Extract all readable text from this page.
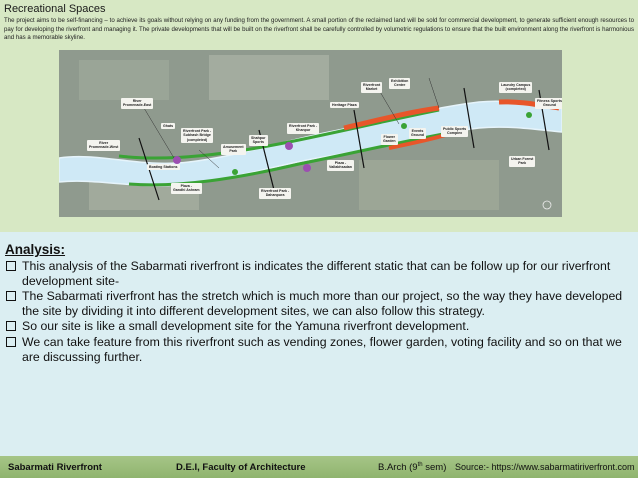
Recreational Spaces
The project aims to be self-financing – to achieve its goals without relying on any funding from the government. A small portion of the reclaimed land will be sold for commercial development, to generate sufficient enough resources to pay for developing the riverfront and managing it. The private developments that will be built on the riverfront shall be carefully controlled by volumetric regulations to ensure that the built environment along the riverfront is harmonious and has a memorable skyline.
River
Promenade-East
River
Promenade-West
Ghats
Riverfront Park -
Subhash Bridge
(completed)	Shahpur
Sports
Amusement
Park
Boating Stations
Plaza -
Gandhi Ashram
Riverfront Park -
Khanpur
Heritage Plaza
Riverfront
Market
Exhibition
Centre
Flower
Garden
Events
Ground
Plaza -
Vallabhsadan
Riverfront Park -
Dahanpura
Public Sports
Complex
Laundry Campus
(completed)
Fitness Sports
Ground
Urban Forest
Park
Analysis:
This analysis of the Sabarmati riverfront is indicates the different static that can be follow up for our riverfront development site-
The Sabarmati riverfront has the stretch which is much more than our project, so the way they have developed the site by dividing it into different development sites, we can also follow this strategy.
So our site is like a small development site for the Yamuna riverfront development.
We can take feature from this riverfront such as vending zones, flower garden, voting facility and so on that we are discussing further.
Sabarmati Riverfront	D.E.I, Faculty of Architecture	B.Arch (9th sem) Source:- https://www.sabarmatiriverfront.com
